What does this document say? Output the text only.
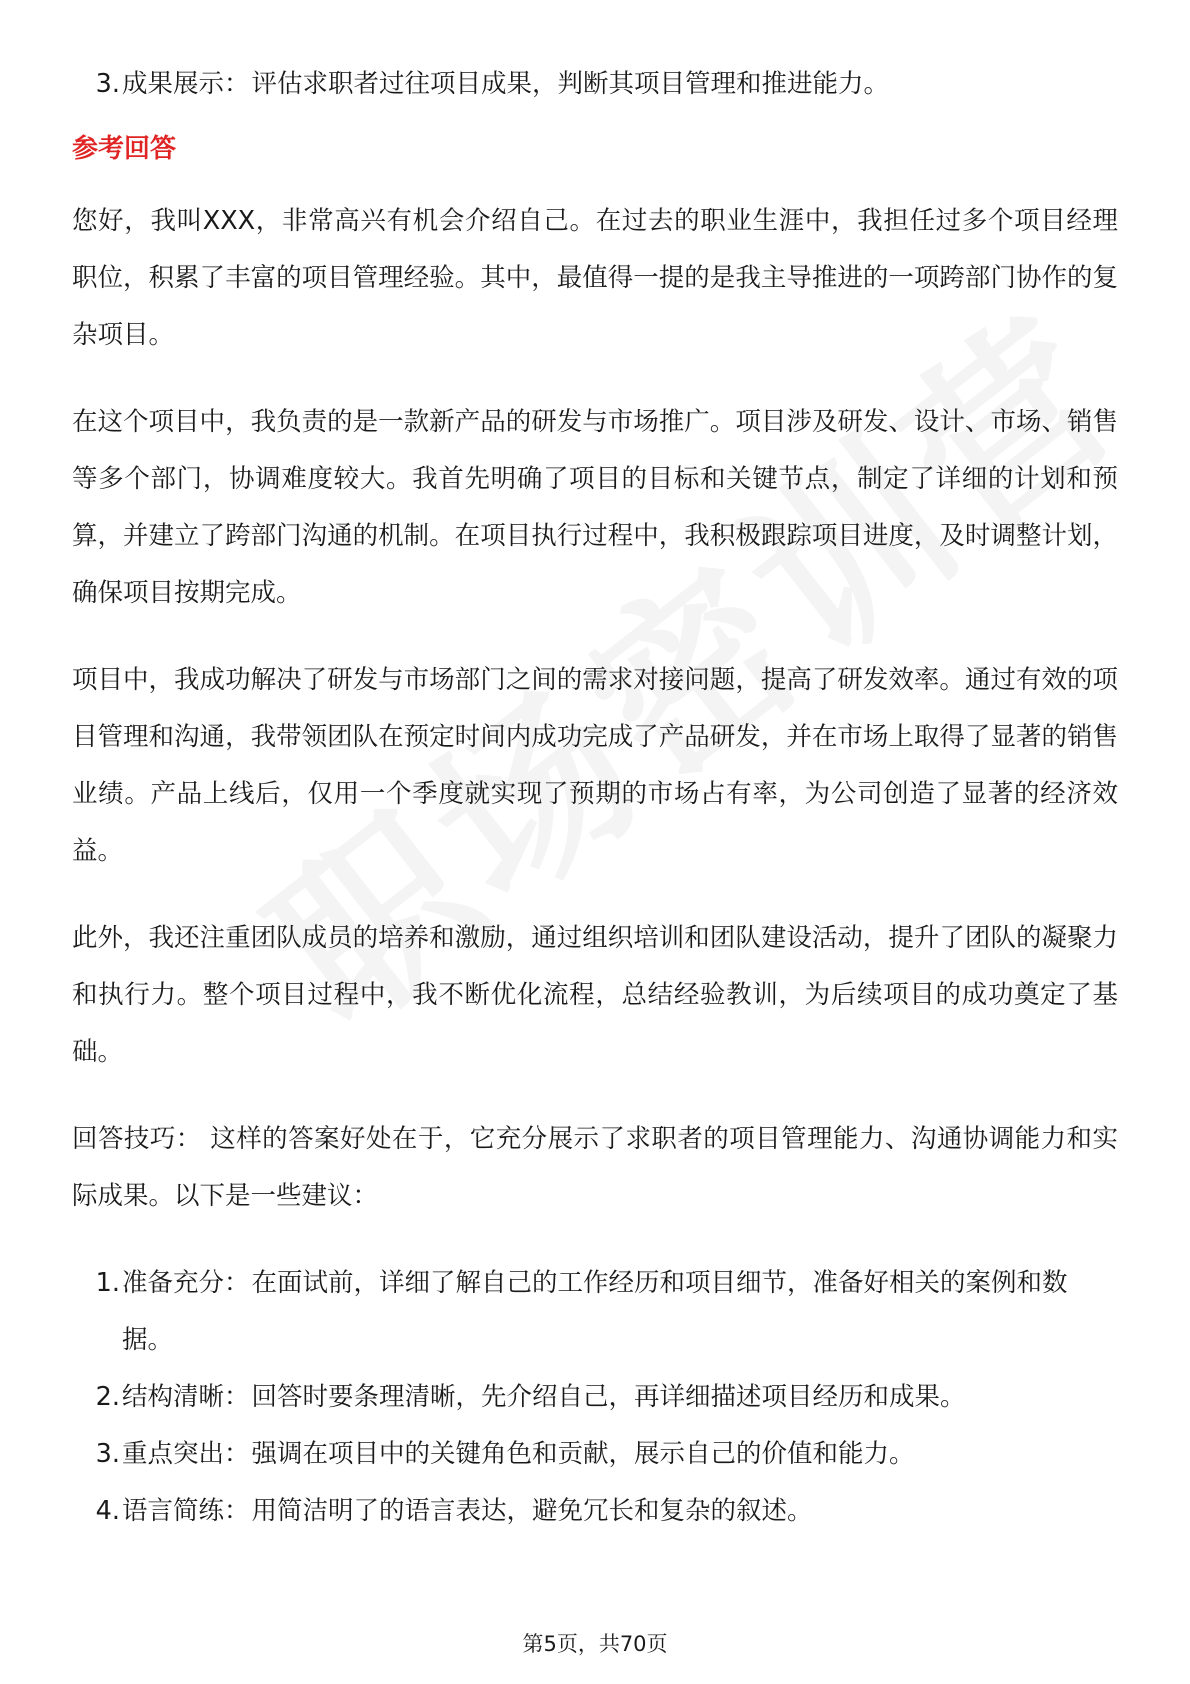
3. 成果展示：评估求职者过往项目成果，判断其项目管理和推进能力。
参考回答

您好，我叫XXX，非常高兴有机会介绍自己。在过去的职业生涯中，我担任过多个项目经理职位，积累了丰富的项目管理经验。其中，最值得一提的是我主导推进的一项跨部门协作的复杂项目。

在这个项目中，我负责的是一款新产品的研发与市场推广。项目涉及研发、设计、市场、销售等多个部门，协调难度较大。我首先明确了项目的目标和关键节点，制定了详细的计划和预算，并建立了跨部门沟通的机制。在项目执行过程中，我积极跟踪项目进度，及时调整计划，确保项目按期完成。

项目中，我成功解决了研发与市场部门之间的需求对接问题，提高了研发效率。通过有效的项目管理和沟通，我带领团队在预定时间内成功完成了产品研发，并在市场上取得了显著的销售业绩。产品上线后，仅用一个季度就实现了预期的市场占有率，为公司创造了显著的经济效益。

此外，我还注重团队成员的培养和激励，通过组织培训和团队建设活动，提升了团队的凝聚力和执行力。整个项目过程中，我不断优化流程，总结经验教训，为后续项目的成功奠定了基础。

回答技巧： 这样的答案好处在于，它充分展示了求职者的项目管理能力、沟通协调能力和实际成果。以下是一些建议：

1. 准备充分：在面试前，详细了解自己的工作经历和项目细节，准备好相关的案例和数据。
2. 结构清晰：回答时要条理清晰，先介绍自己，再详细描述项目经历和成果。
3. 重点突出：强调在项目中的关键角色和贡献，展示自己的价值和能力。
4. 语言简练：用简洁明了的语言表达，避免冗长和复杂的叙述。
第5页，共70页
